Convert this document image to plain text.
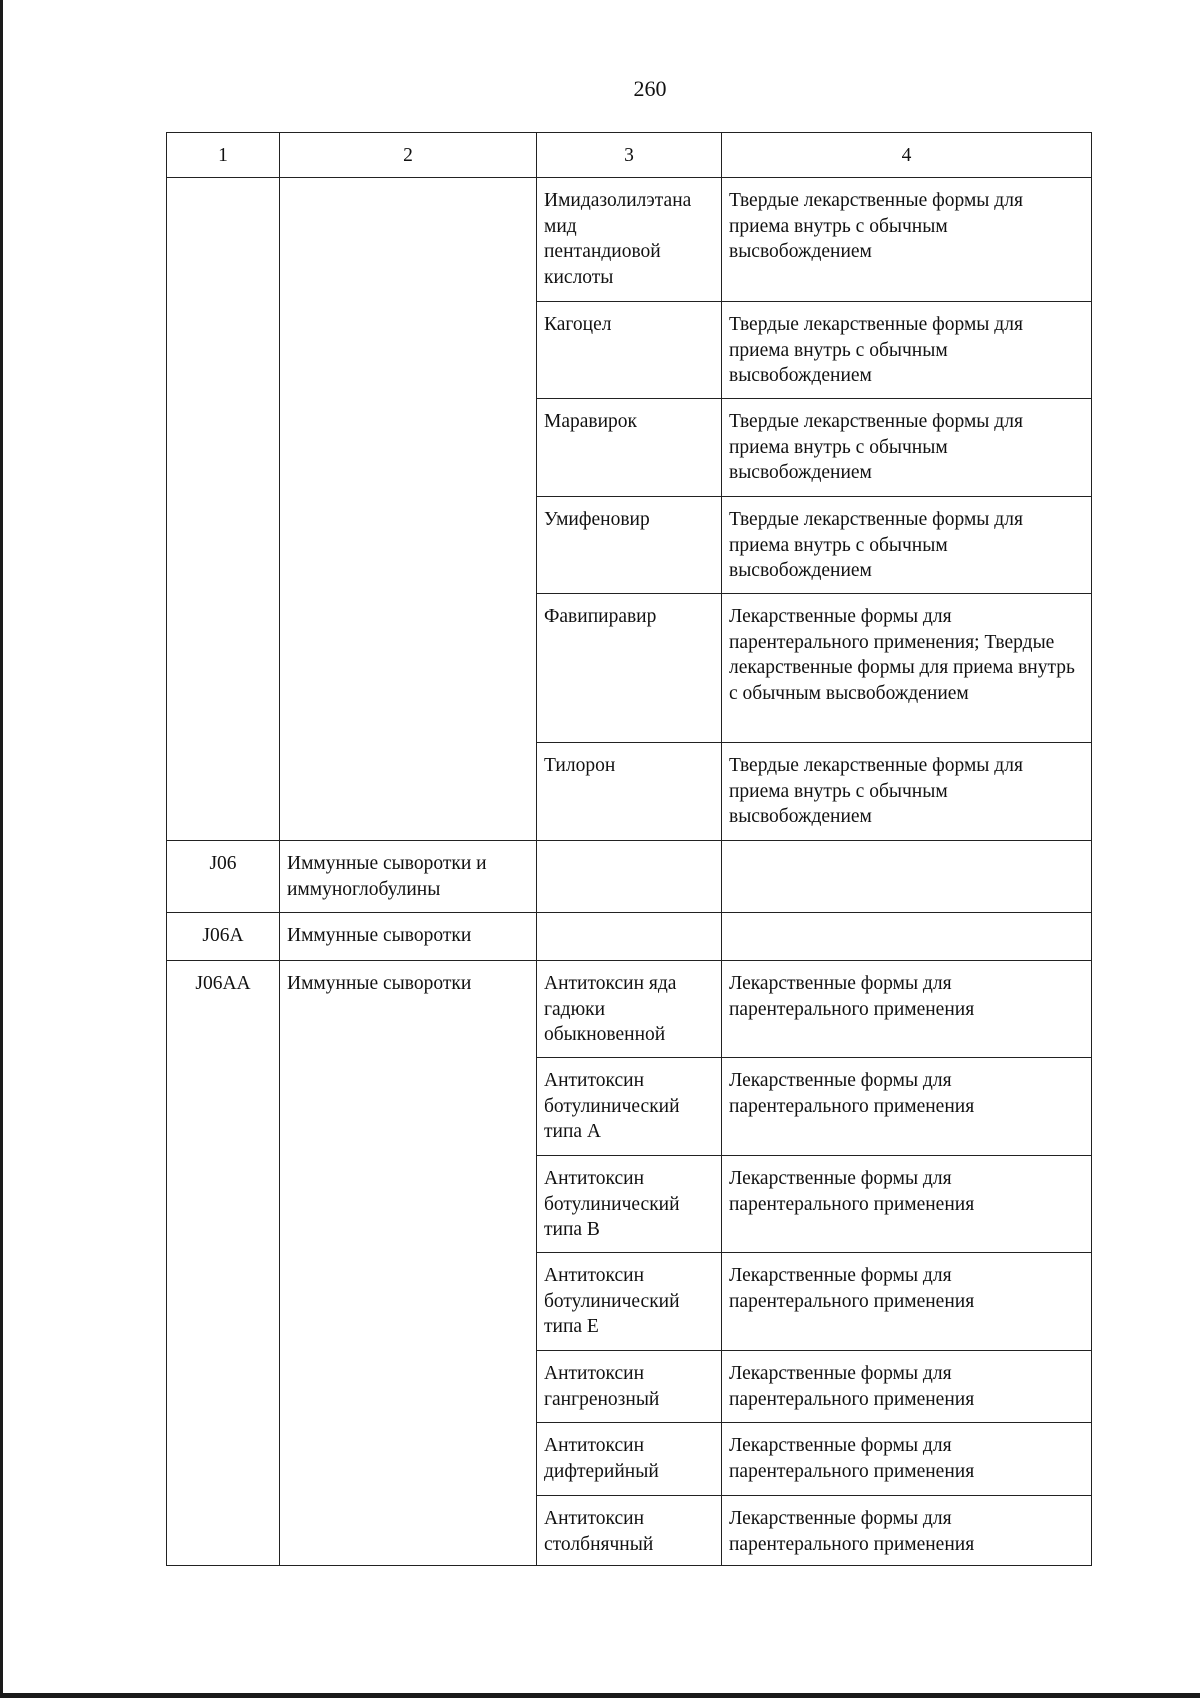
260
1	2	3	4
		Имидазолилэтана
мид
пентандиовой
кислоты	Твердые лекарственные формы для приема внутрь с обычным высвобождением
		Кагоцел	Твердые лекарственные формы для приема внутрь с обычным высвобождением
		Маравирок	Твердые лекарственные формы для приема внутрь с обычным высвобождением
		Умифеновир	Твердые лекарственные формы для приема внутрь с обычным высвобождением
		Фавипиравир	Лекарственные формы для парентерального применения; Твердые лекарственные формы для приема внутрь с обычным высвобождением
		Тилорон	Твердые лекарственные формы для приема внутрь с обычным высвобождением
J06	Иммунные сыворотки и иммуноглобулины		
J06A	Иммунные сыворотки		
J06AA	Иммунные сыворотки	Антитоксин яда гадюки обыкновенной	Лекарственные формы для парентерального применения
		Антитоксин ботулинический типа А	Лекарственные формы для парентерального применения
		Антитоксин ботулинический типа В	Лекарственные формы для парентерального применения
		Антитоксин ботулинический типа Е	Лекарственные формы для парентерального применения
		Антитоксин гангренозный	Лекарственные формы для парентерального применения
		Антитоксин дифтерийный	Лекарственные формы для парентерального применения
		Антитоксин столбнячный	Лекарственные формы для парентерального применения
